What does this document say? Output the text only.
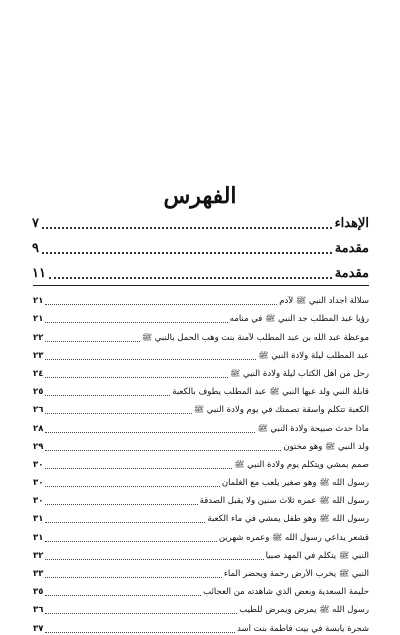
الفهرس
الإهداء
٧
مقدمة
٩
مقدمة
١١
سلالة أجداد النبي ﷺ لآدم
٢١
رؤيا عبد المطلب جد النبي ﷺ في منامه
٢١
موعظة عبد الله بن عبد المطلب لآمنة بنت وهب الحمل بالنبي ﷺ
٢٢
عبد المطلب ليلة ولادة النبي ﷺ
٢٣
رحل من أهل الكتاب ليلة ولادة النبي ﷺ
٢٤
قابلة النبي ولد عبها النبي ﷺ عبد المطلب يطوف بالكعبة
٢٥
الكعبة تتكلم وأسقة تصمتك في يوم ولادة النبي ﷺ
٢٦
ماذا حدث صبيحة ولادة النبي ﷺ
٢٨
ولد النبي ﷺ وهو مختون
٢٩
صمم يمشي ويتكلم يوم ولادة النبي ﷺ
٣٠
رسول الله ﷺ وهو صغير يلعب مع الغلمان
٣٠
رسول الله ﷺ عمره ثلاث سنين ولا يقبل الصدقة
٣٠
رسول الله ﷺ وهو طفل يمشي في ماء الكعبة
٣١
قشعر يداعي رسول الله ﷺ وعمره شهرين
٣١
النبي ﷺ يتكلم في المهد صبيا
٣٢
النبي ﷺ يخرب الأرض رحمة ويحضر الماء
٣٣
حليمة السعدية وبعض الذي شاهدته من العجائب
٣٥
رسول الله ﷺ يمرض ويمرض للطيب
٣٦
شجرة يابسة في بيت فاطمة بنت أسد
٣٧
